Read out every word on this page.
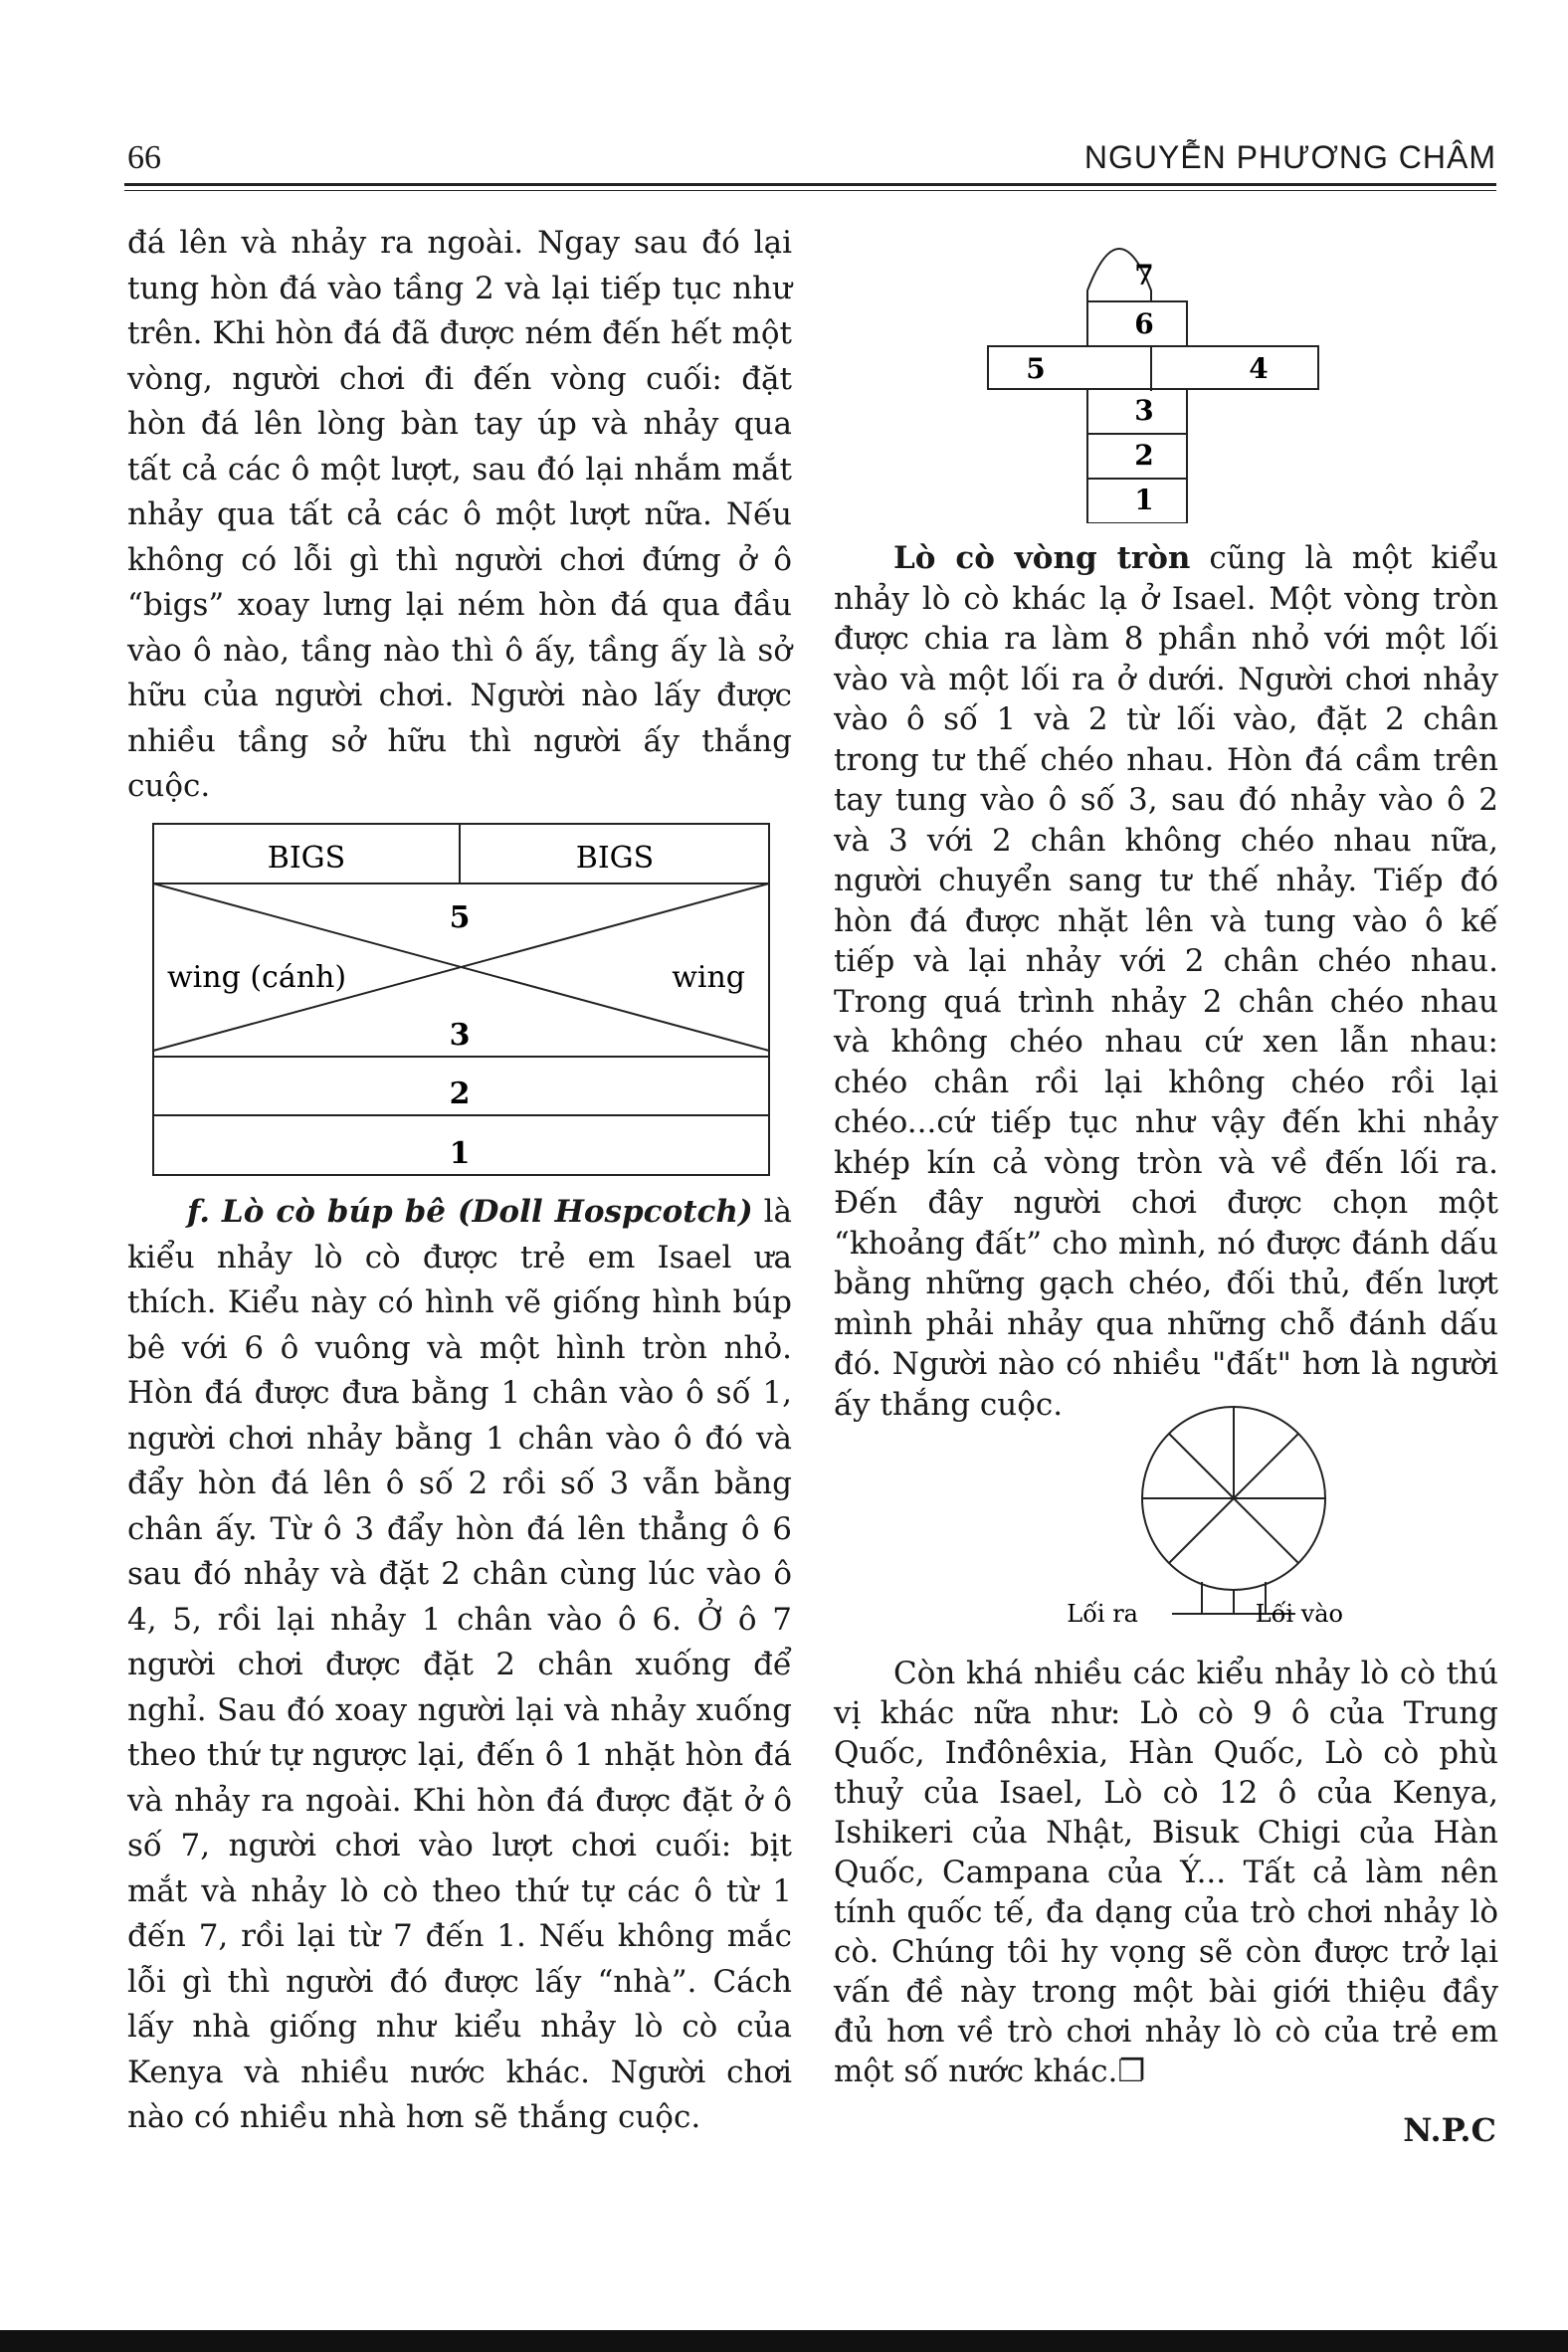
66	NGUYỄN PHƯƠNG CHÂM

đá lên và nhảy ra ngoài. Ngay sau đó lại tung hòn đá vào tầng 2 và lại tiếp tục như trên. Khi hòn đá đã được ném đến hết một vòng, người chơi đi đến vòng cuối: đặt hòn đá lên lòng bàn tay úp và nhảy qua tất cả các ô một lượt, sau đó lại nhắm mắt nhảy qua tất cả các ô một lượt nữa. Nếu không có lỗi gì thì người chơi đứng ở ô “bigs” xoay lưng lại ném hòn đá qua đầu vào ô nào, tầng nào thì ô ấy, tầng ấy là sở hữu của người chơi. Người nào lấy được nhiều tầng sở hữu thì người ấy thắng cuộc.

BIGS	BIGS
5
wing (cánh)	wing
3
2
1

f. Lò cò búp bê (Doll Hospcotch) là kiểu nhảy lò cò được trẻ em Isael ưa thích. Kiểu này có hình vẽ giống hình búp bê với 6 ô vuông và một hình tròn nhỏ. Hòn đá được đưa bằng 1 chân vào ô số 1, người chơi nhảy bằng 1 chân vào ô đó và đẩy hòn đá lên ô số 2 rồi số 3 vẫn bằng chân ấy. Từ ô 3 đẩy hòn đá lên thẳng ô 6 sau đó nhảy và đặt 2 chân cùng lúc vào ô 4, 5, rồi lại nhảy 1 chân vào ô 6. Ở ô 7 người chơi được đặt 2 chân xuống để nghỉ. Sau đó xoay người lại và nhảy xuống theo thứ tự ngược lại, đến ô 1 nhặt hòn đá và nhảy ra ngoài. Khi hòn đá được đặt ở ô số 7, người chơi vào lượt chơi cuối: bịt mắt và nhảy lò cò theo thứ tự các ô từ 1 đến 7, rồi lại từ 7 đến 1. Nếu không mắc lỗi gì thì người đó được lấy “nhà”. Cách lấy nhà giống như kiểu nhảy lò cò của Kenya và nhiều nước khác. Người chơi nào có nhiều nhà hơn sẽ thắng cuộc.

7
6
5	4
3
2
1

Lò cò vòng tròn cũng là một kiểu nhảy lò cò khác lạ ở Isael. Một vòng tròn được chia ra làm 8 phần nhỏ với một lối vào và một lối ra ở dưới. Người chơi nhảy vào ô số 1 và 2 từ lối vào, đặt 2 chân trong tư thế chéo nhau. Hòn đá cầm trên tay tung vào ô số 3, sau đó nhảy vào ô 2 và 3 với 2 chân không chéo nhau nữa, người chuyển sang tư thế nhảy. Tiếp đó hòn đá được nhặt lên và tung vào ô kế tiếp và lại nhảy với 2 chân chéo nhau. Trong quá trình nhảy 2 chân chéo nhau và không chéo nhau cứ xen lẫn nhau: chéo chân rồi lại không chéo rồi lại chéo...cứ tiếp tục như vậy đến khi nhảy khép kín cả vòng tròn và về đến lối ra. Đến đây người chơi được chọn một “khoảng đất” cho mình, nó được đánh dấu bằng những gạch chéo, đối thủ, đến lượt mình phải nhảy qua những chỗ đánh dấu đó. Người nào có nhiều "đất" hơn là người ấy thắng cuộc.

Lối ra	Lối vào

Còn khá nhiều các kiểu nhảy lò cò thú vị khác nữa như: Lò cò 9 ô của Trung Quốc, Inđônêxia, Hàn Quốc, Lò cò phù thuỷ của Isael, Lò cò 12 ô của Kenya, Ishikeri của Nhật, Bisuk Chigi của Hàn Quốc, Campana của Ý... Tất cả làm nên tính quốc tế, đa dạng của trò chơi nhảy lò cò. Chúng tôi hy vọng sẽ còn được trở lại vấn đề này trong một bài giới thiệu đầy đủ hơn về trò chơi nhảy lò cò của trẻ em một số nước khác.❐

N.P.C
